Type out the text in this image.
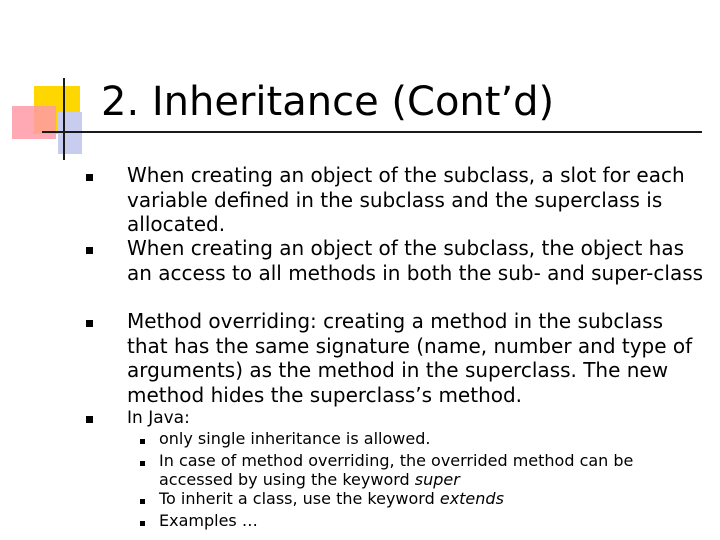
2. Inheritance (Cont’d)
When creating an object of the subclass, a slot for each variable defined in the subclass and the superclass is allocated.
When creating an object of the subclass, the object has an access to all methods in both the sub- and super-class
Method overriding: creating a method in the subclass that has the same signature (name, number and type of arguments) as the method in the superclass. The new method hides the superclass’s method.
In Java:
only single inheritance is allowed.
In case of method overriding, the overrided method can be accessed by using the keyword super
To inherit a class, use the keyword extends
Examples …
